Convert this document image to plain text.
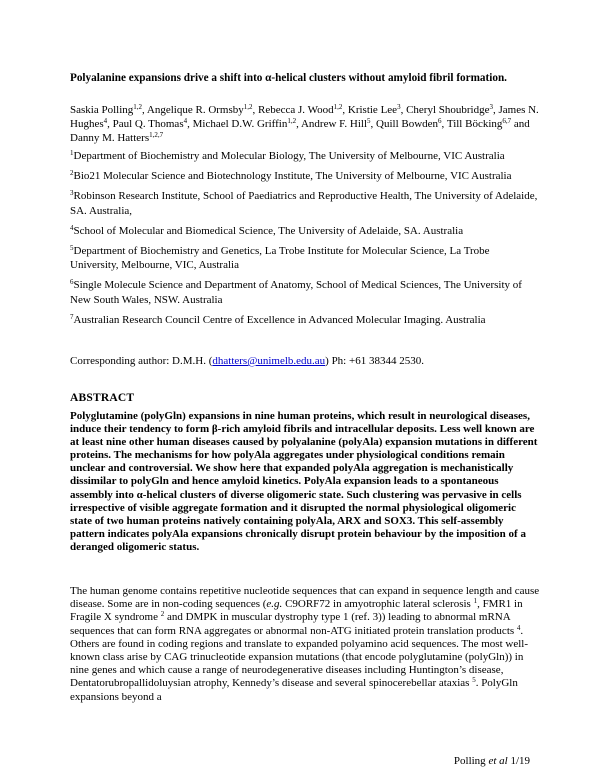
Polyalanine expansions drive a shift into α-helical clusters without amyloid fibril formation.
Saskia Polling$^{1,2}$, Angelique R. Ormsby$^{1,2}$, Rebecca J. Wood$^{1,2}$, Kristie Lee$^3$, Cheryl Shoubridge$^3$, James N. Hughes$^4$, Paul Q. Thomas$^4$, Michael D.W. Griffin$^{1,2}$, Andrew F. Hill$^5$, Quill Bowden$^6$, Till Böcking$^{6,7}$ and Danny M. Hatters$^{1,2,7}$
$^1$Department of Biochemistry and Molecular Biology, The University of Melbourne, VIC Australia
$^2$Bio21 Molecular Science and Biotechnology Institute, The University of Melbourne, VIC Australia
$^3$Robinson Research Institute, School of Paediatrics and Reproductive Health, The University of Adelaide, SA. Australia,
$^4$School of Molecular and Biomedical Science, The University of Adelaide, SA. Australia
$^5$Department of Biochemistry and Genetics, La Trobe Institute for Molecular Science, La Trobe University, Melbourne, VIC, Australia
$^6$Single Molecule Science and Department of Anatomy, School of Medical Sciences, The University of New South Wales, NSW. Australia
$^7$Australian Research Council Centre of Excellence in Advanced Molecular Imaging. Australia
Corresponding author: D.M.H. (dhatters@unimelb.edu.au) Ph: +61 38344 2530.
ABSTRACT
Polyglutamine (polyGln) expansions in nine human proteins, which result in neurological diseases, induce their tendency to form β-rich amyloid fibrils and intracellular deposits. Less well known are at least nine other human diseases caused by polyalanine (polyAla) expansion mutations in different proteins. The mechanisms for how polyAla aggregates under physiological conditions remain unclear and controversial. We show here that expanded polyAla aggregation is mechanistically dissimilar to polyGln and hence amyloid kinetics. PolyAla expansion leads to a spontaneous assembly into α-helical clusters of diverse oligomeric state. Such clustering was pervasive in cells irrespective of visible aggregate formation and it disrupted the normal physiological oligomeric state of two human proteins natively containing polyAla, ARX and SOX3. This self-assembly pattern indicates polyAla expansions chronically disrupt protein behaviour by the imposition of a deranged oligomeric status.
The human genome contains repetitive nucleotide sequences that can expand in sequence length and cause disease. Some are in non-coding sequences (e.g. C9ORF72 in amyotrophic lateral sclerosis $^1$, FMR1 in Fragile X syndrome $^2$ and DMPK in muscular dystrophy type 1 (ref. 3)) leading to abnormal mRNA sequences that can form RNA aggregates or abnormal non-ATG initiated protein translation products $^4$. Others are found in coding regions and translate to expanded polyamino acid sequences. The most well-known class arise by CAG trinucleotide expansion mutations (that encode polyglutamine (polyGln)) in nine genes and which cause a range of neurodegenerative diseases including Huntington’s disease, Dentatorubropallidoluysian atrophy, Kennedy’s disease and several spinocerebellar ataxias $^5$. PolyGln expansions beyond a
Polling et al 1/19
